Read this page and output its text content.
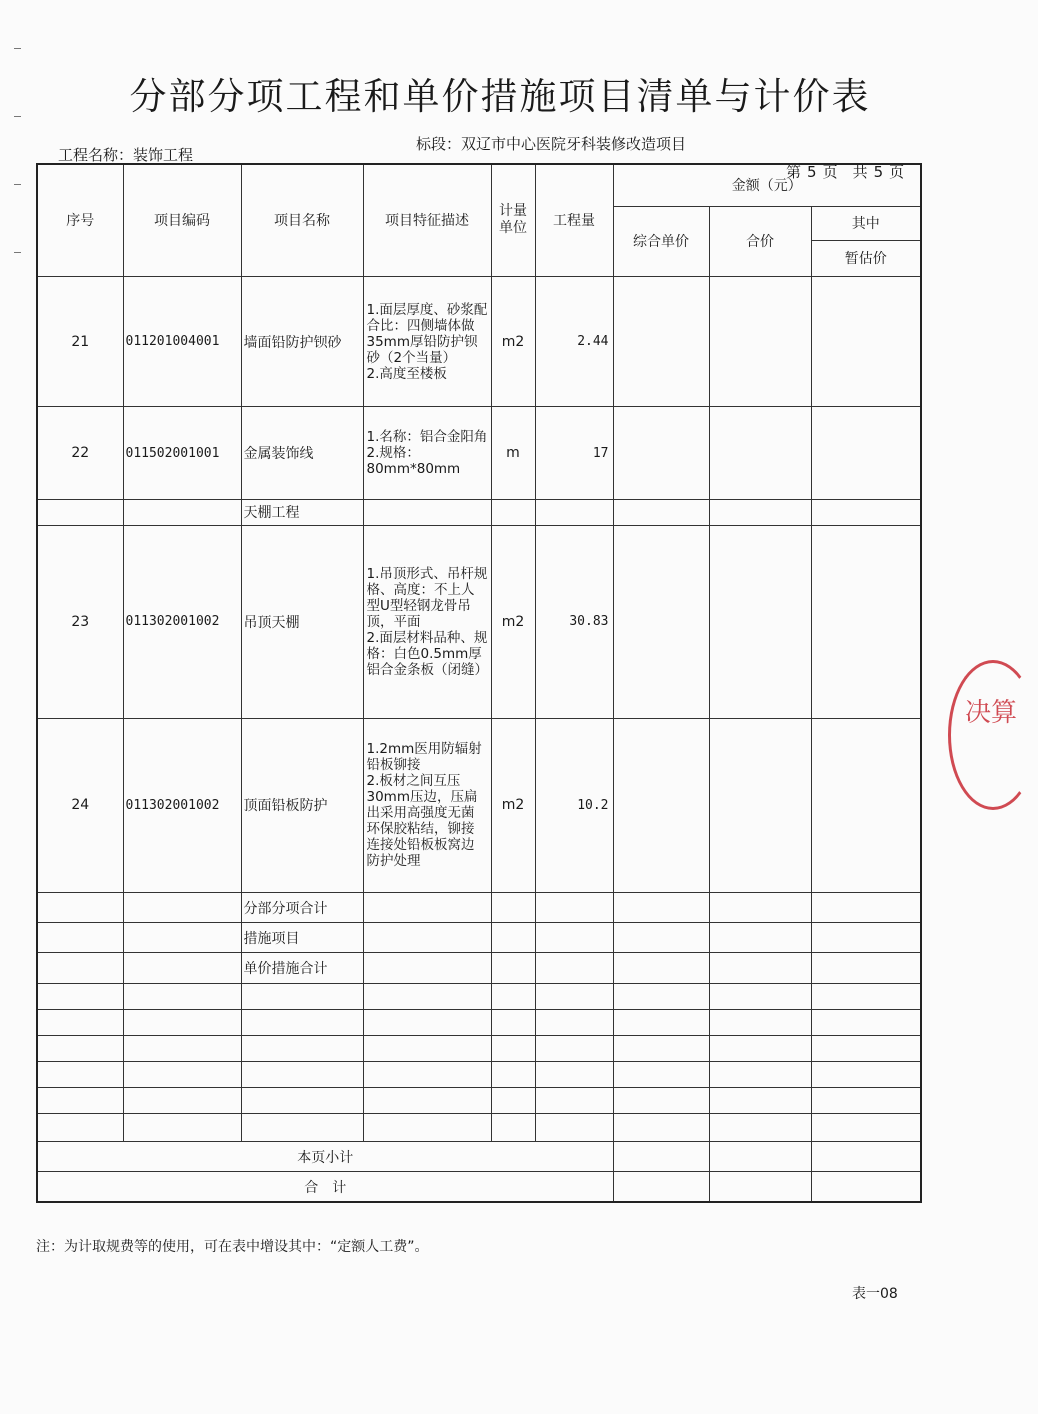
分部分项工程和单价措施项目清单与计价表
工程名称：装饰工程
标段：双辽市中心医院牙科装修改造项目
第 5 页　共 5 页
序号	项目编码	项目名称	项目特征描述	计量单位	工程量	金额（元）		
						综合单价	合价	其中
								暂估价
21	011201004001	墙面铅防护钡砂	1.面层厚度、砂浆配合比：四侧墙体做35mm厚铅防护钡砂（2个当量）
2.高度至楼板	m2	2.44			
22	011502001001	金属装饰线	1.名称：铝合金阳角
2.规格：80mm*80mm	m	17			
		天棚工程						
23	011302001002	吊顶天棚	1.吊顶形式、吊杆规格、高度：不上人型U型轻钢龙骨吊顶，平面
2.面层材料品种、规格：白色0.5mm厚铝合金条板（闭缝）	m2	30.83			
24	011302001002	顶面铅板防护	1.2mm医用防辐射铅板铆接
2.板材之间互压30mm压边，压扁出采用高强度无菌环保胶粘结，铆接连接处铅板板窝边防护处理	m2	10.2			
		分部分项合计						
		措施项目						
		单价措施合计						

本页小计								
合　计								
决算
注：为计取规费等的使用，可在表中增设其中：“定额人工费”。
表一08
